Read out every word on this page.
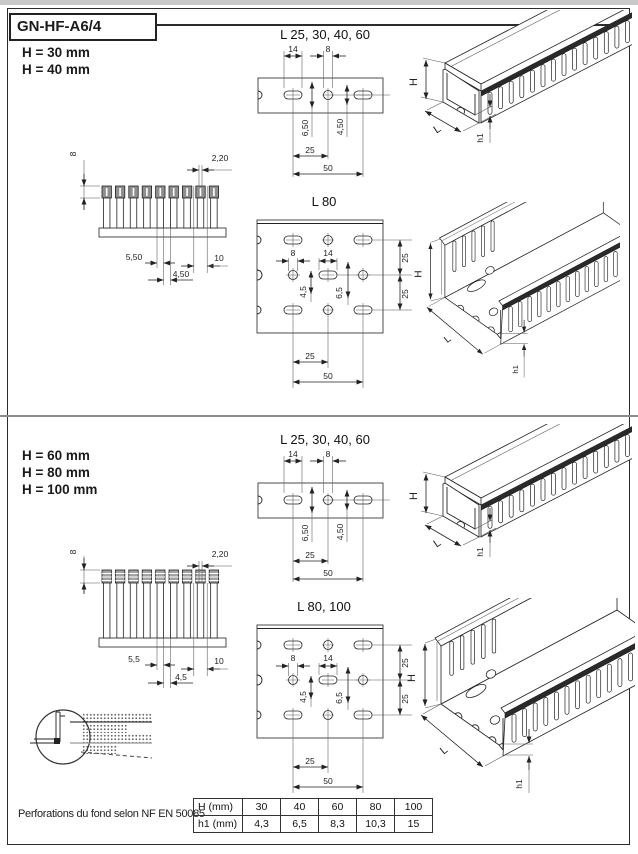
GN-HF-A6/4
H = 30 mm
H = 40 mm
L 25, 30, 40, 60
L 80
H = 60 mm
H = 80 mm
H = 100 mm
L 25, 30, 40, 60
L 80, 100
Perforations du fond selon NF EN 50085
H (mm)	30	40	60	80	100
h1 (mm)	4,3	6,5	8,3	10,3	15
